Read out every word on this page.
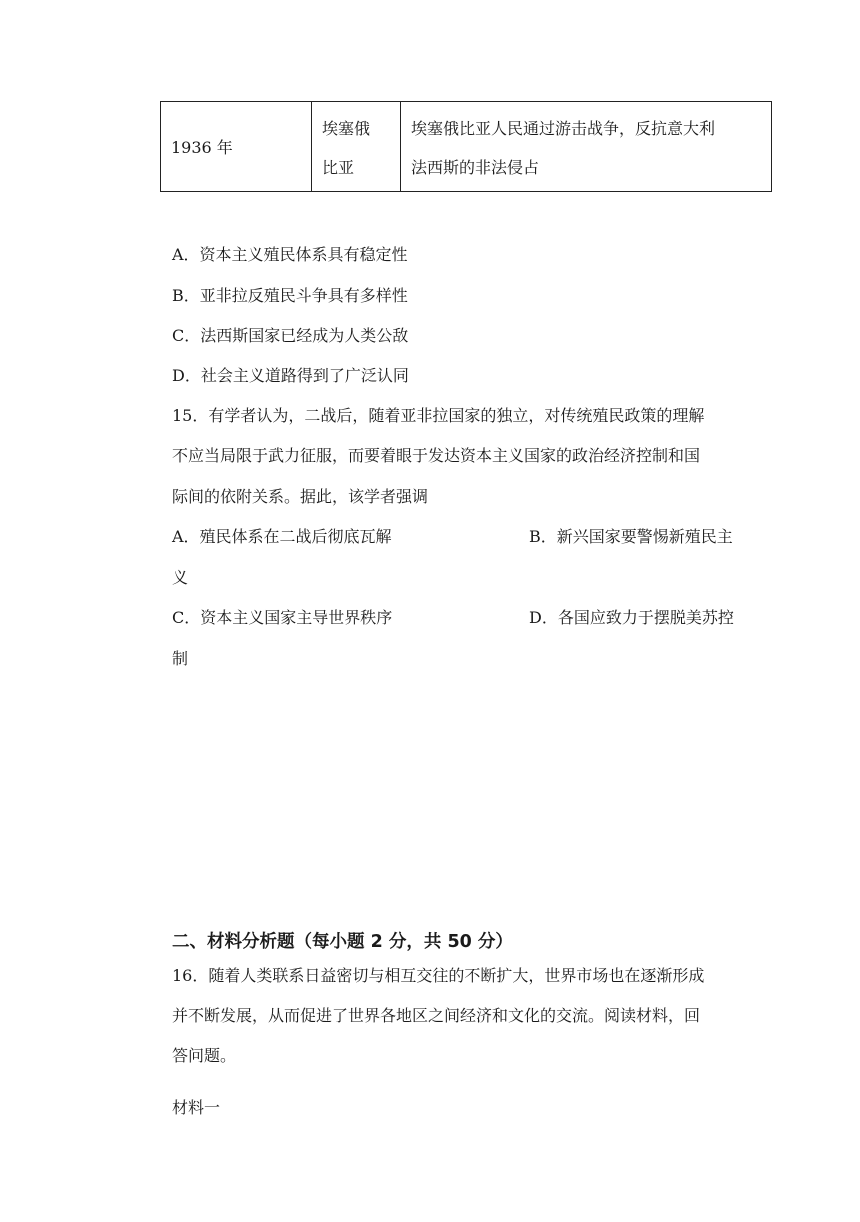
1936 年
埃塞俄
比亚
埃塞俄比亚人民通过游击战争，反抗意大利
法西斯的非法侵占
A．资本主义殖民体系具有稳定性
B．亚非拉反殖民斗争具有多样性
C．法西斯国家已经成为人类公敌
D．社会主义道路得到了广泛认同
15．有学者认为，二战后，随着亚非拉国家的独立，对传统殖民政策的理解
不应当局限于武力征服，而要着眼于发达资本主义国家的政治经济控制和国
际间的依附关系。据此，该学者强调
A．殖民体系在二战后彻底瓦解	B．新兴国家要警惕新殖民主
义
C．资本主义国家主导世界秩序	D．各国应致力于摆脱美苏控
制
二、材料分析题（每小题 2 分，共 50 分）
16．随着人类联系日益密切与相互交往的不断扩大，世界市场也在逐渐形成
并不断发展，从而促进了世界各地区之间经济和文化的交流。阅读材料，回
答问题。
材料一
